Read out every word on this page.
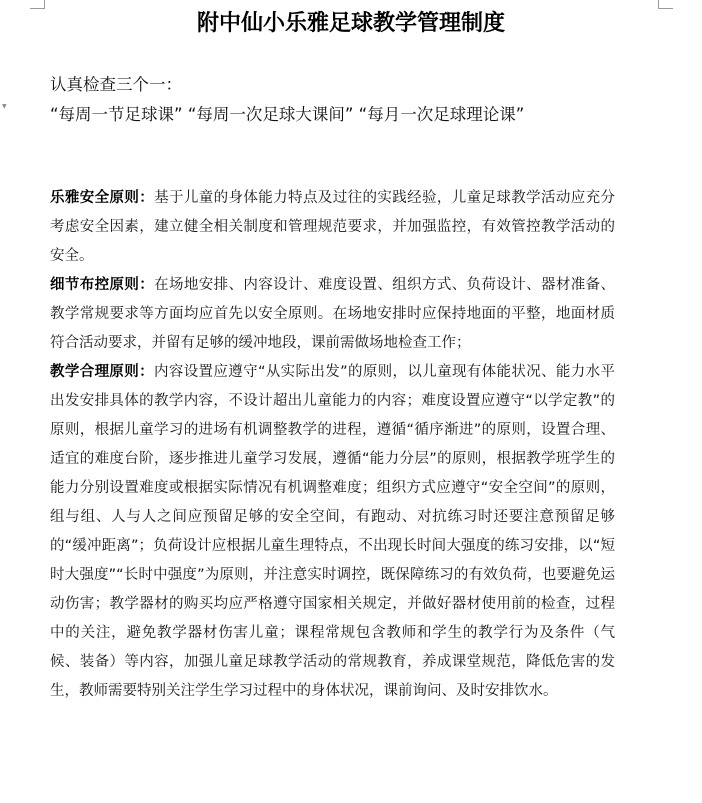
▼
附中仙小乐雅足球教学管理制度
认真检查三个一：
“每周一节足球课” “每周一次足球大课间” “每月一次足球理论课”

乐雅安全原则：基于儿童的身体能力特点及过往的实践经验，儿童足球教学活动应充分考虑安全因素，建立健全相关制度和管理规范要求，并加强监控，有效管控教学活动的安全。

细节布控原则：在场地安排、内容设计、难度设置、组织方式、负荷设计、器材准备、教学常规要求等方面均应首先以安全原则。在场地安排时应保持地面的平整，地面材质符合活动要求，并留有足够的缓冲地段，课前需做场地检查工作；

教学合理原则：内容设置应遵守“从实际出发”的原则，以儿童现有体能状况、能力水平出发安排具体的教学内容，不设计超出儿童能力的内容；难度设置应遵守“以学定教”的原则，根据儿童学习的进场有机调整教学的进程，遵循“循序渐进”的原则，设置合理、适宜的难度台阶，逐步推进儿童学习发展，遵循“能力分层”的原则，根据教学班学生的能力分别设置难度或根据实际情况有机调整难度；组织方式应遵守“安全空间”的原则，组与组、人与人之间应预留足够的安全空间，有跑动、对抗练习时还要注意预留足够的“缓冲距离”；负荷设计应根据儿童生理特点，不出现长时间大强度的练习安排，以“短时大强度”“长时中强度”为原则，并注意实时调控，既保障练习的有效负荷，也要避免运动伤害；教学器材的购买均应严格遵守国家相关规定，并做好器材使用前的检查，过程中的关注，避免教学器材伤害儿童；课程常规包含教师和学生的教学行为及条件（气候、装备）等内容，加强儿童足球教学活动的常规教育，养成课堂规范，降低危害的发生，教师需要特别关注学生学习过程中的身体状况，课前询问、及时安排饮水。
